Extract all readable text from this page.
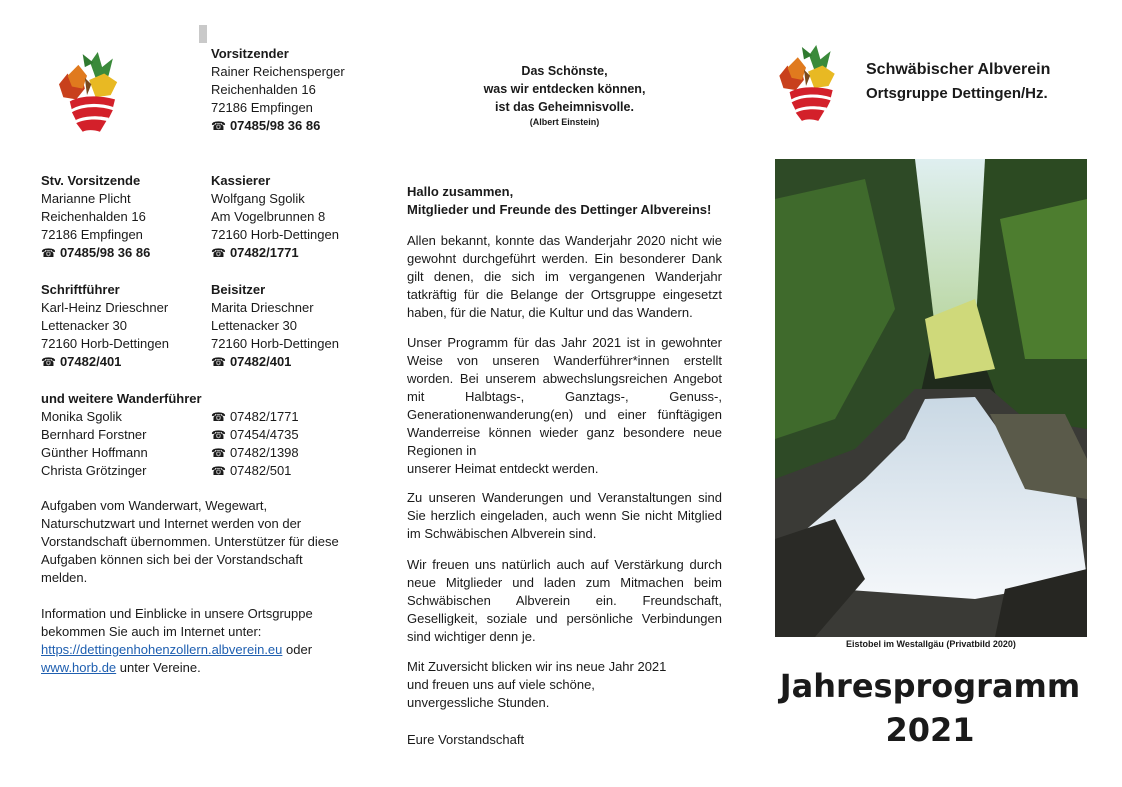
Vorsitzender
Rainer Reichensperger
Reichenhalden 16
72186 Empfingen
☎ 07485/98 36 86
Stv. Vorsitzende
Marianne Plicht
Reichenhalden 16
72186 Empfingen
☎ 07485/98 36 86
Kassierer
Wolfgang Sgolik
Am Vogelbrunnen 8
72160 Horb-Dettingen
☎ 07482/1771
Schriftführer
Karl-Heinz Drieschner
Lettenacker 30
72160 Horb-Dettingen
☎ 07482/401
Beisitzer
Marita Drieschner
Lettenacker 30
72160 Horb-Dettingen
☎ 07482/401
und weitere Wanderführer
Monika Sgolik	☎ 07482/1771
Bernhard Forstner	☎ 07454/4735
Günther Hoffmann	☎ 07482/1398
Christa Grötzinger	☎ 07482/501
Aufgaben vom Wanderwart, Wegewart,
Naturschutzwart und Internet werden von der
Vorstandschaft übernommen. Unterstützer für diese
Aufgaben können sich bei der Vorstandschaft
melden.
Information und Einblicke in unsere Ortsgruppe
bekommen Sie auch im Internet unter:
https://dettingenhohenzollern.albverein.eu oder
www.horb.de unter Vereine.
Das Schönste,
was wir entdecken können,
ist das Geheimnisvolle.
(Albert Einstein)
Hallo zusammen,
Mitglieder und Freunde des Dettinger Albvereins!
Allen bekannt, konnte das Wanderjahr 2020 nicht wie gewohnt durchgeführt werden. Ein besonderer Dank gilt denen, die sich im vergangenen Wanderjahr tatkräftig für die Belange der Ortsgruppe eingesetzt haben, für die Natur, die Kultur und das Wandern.
Unser Programm für das Jahr 2021 ist in gewohnter Weise von unseren Wanderführer*innen erstellt worden. Bei unserem abwechslungsreichen Angebot mit Halbtags-, Ganztags-, Genuss-, Generationenwanderung(en) und einer fünftägigen Wanderreise können wieder ganz besondere neue Regionen in
unserer Heimat entdeckt werden.
Zu unseren Wanderungen und Veranstaltungen sind Sie herzlich eingeladen, auch wenn Sie nicht Mitglied im Schwäbischen Albverein sind.
Wir freuen uns natürlich auch auf Verstärkung durch neue Mitglieder und laden zum Mitmachen beim Schwäbischen Albverein ein. Freundschaft, Geselligkeit, soziale und persönliche Verbindungen sind wichtiger denn je.
Mit Zuversicht blicken wir ins neue Jahr 2021
und freuen uns auf viele schöne,
unvergessliche Stunden.
Eure Vorstandschaft
Schwäbischer Albverein
Ortsgruppe Dettingen/Hz.
Eistobel im Westallgäu (Privatbild 2020)
Jahresprogramm
2021
